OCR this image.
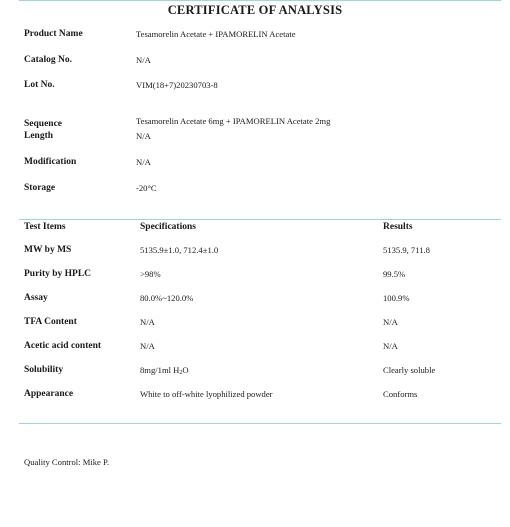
CERTIFICATE OF ANALYSIS
Product Name	Tesamorelin Acetate + IPAMORELIN Acetate
Catalog No.	N/A
Lot No.	VIM(18+7)20230703-8
Sequence	Tesamorelin Acetate 6mg + IPAMORELIN Acetate 2mg
Length	N/A
Modification	N/A
Storage	-20°C
Test Items	Specifications	Results
MW by MS	5135.9±1.0, 712.4±1.0	5135.9, 711.8
Purity by HPLC	>98%	99.5%
Assay	80.0%~120.0%	100.9%
TFA Content	N/A	N/A
Acetic acid content	N/A	N/A
Solubility	8mg/1ml $H_2O$	Clearly soluble
Appearance	White to off-white lyophilized powder	Conforms
Quality Control: Mike P.
